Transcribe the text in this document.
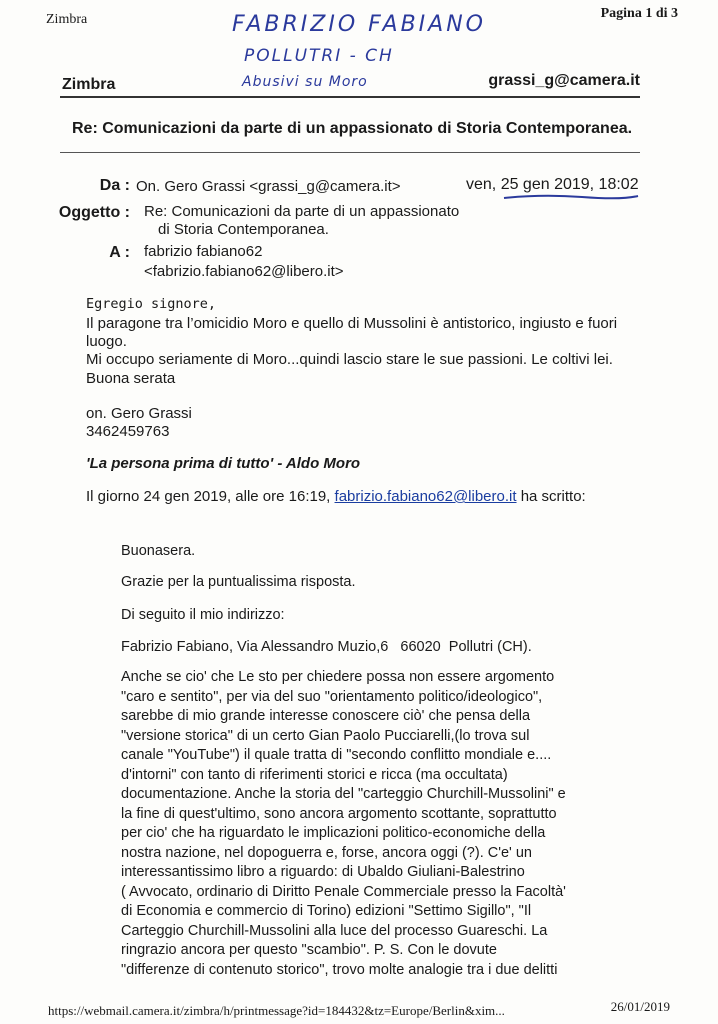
Zimbra	Pagina 1 di 3
FABRIZIO FABIANO
POLLUTRI - CH
Abusivi su Moro
Zimbra	grassi_g@camera.it
Re: Comunicazioni da parte di un appassionato di Storia Contemporanea.
Da : On. Gero Grassi <grassi_g@camera.it>	ven, 25 gen 2019, 18:02
Oggetto : Re: Comunicazioni da parte di un appassionato
di Storia Contemporanea.
A : fabrizio fabiano62
<fabrizio.fabiano62@libero.it>
Egregio signore,
Il paragone tra l’omicidio Moro e quello di Mussolini è antistorico, ingiusto e fuori
luogo.
Mi occupo seriamente di Moro...quindi lascio stare le sue passioni. Le coltivi lei.
Buona serata
on. Gero Grassi
3462459763
'La persona prima di tutto' - Aldo Moro
Il giorno 24 gen 2019, alle ore 16:19, fabrizio.fabiano62@libero.it ha scritto:
Buonasera.
Grazie per la puntualissima risposta.
Di seguito il mio indirizzo:
Fabrizio Fabiano, Via Alessandro Muzio,6   66020  Pollutri (CH).
Anche se cio' che Le sto per chiedere possa non essere argomento
"caro e sentito", per via del suo "orientamento politico/ideologico",
sarebbe di mio grande interesse conoscere ciò' che pensa della
"versione storica" di un certo Gian Paolo Pucciarelli,(lo trova sul
canale "YouTube") il quale tratta di "secondo conflitto mondiale e....
d'intorni" con tanto di riferimenti storici e ricca (ma occultata)
documentazione. Anche la storia del "carteggio Churchill-Mussolini" e
la fine di quest'ultimo, sono ancora argomento scottante, soprattutto
per cio' che ha riguardato le implicazioni politico-economiche della
nostra nazione, nel dopoguerra e, forse, ancora oggi (?). C'e' un
interessantissimo libro a riguardo: di Ubaldo Giuliani-Balestrino
( Avvocato, ordinario di Diritto Penale Commerciale presso la Facoltà'
di Economia e commercio di Torino) edizioni "Settimo Sigillo", "Il
Carteggio Churchill-Mussolini alla luce del processo Guareschi. La
ringrazio ancora per questo "scambio". P. S. Con le dovute
"differenze di contenuto storico", trovo molte analogie tra i due delitti
https://webmail.camera.it/zimbra/h/printmessage?id=184432&tz=Europe/Berlin&xim...	26/01/2019
